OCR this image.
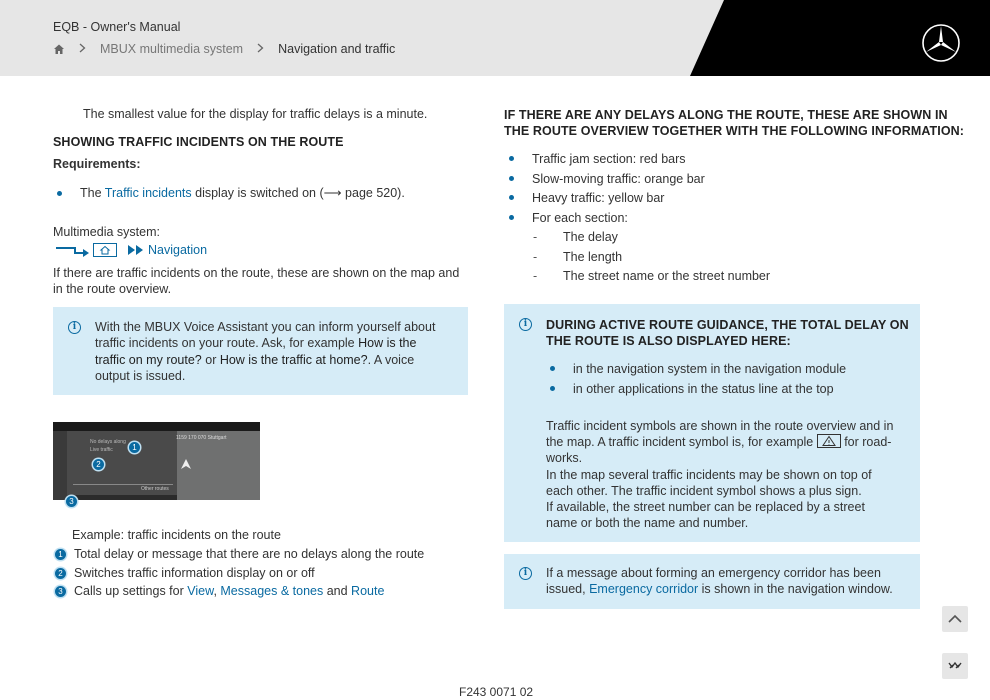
EQB - Owner's Manual
MBUX multimedia system	Navigation and traffic
The smallest value for the display for traffic delays is a minute.
SHOWING TRAFFIC INCIDENTS ON THE ROUTE
Requirements:
The Traffic incidents display is switched on (⟶ page 520).
Multimedia system:
Navigation
If there are traffic incidents on the route, these are shown on the map and in the route overview.
i	With the MBUX Voice Assistant you can inform yourself about traffic incidents on your route. Ask, for example How is the traffic on my route? or How is the traffic at home?. A voice output is issued.
1159 170 070 Stuttgart
No delays along
Live traffic
Other routes
1
2
3
Example: traffic incidents on the route
1 Total delay or message that there are no delays along the route
2 Switches traffic information display on or off
3 Calls up settings for View, Messages & tones and Route
IF THERE ARE ANY DELAYS ALONG THE ROUTE, THESE ARE SHOWN IN
THE ROUTE OVERVIEW TOGETHER WITH THE FOLLOWING INFORMATION:
Traffic jam section: red bars
Slow-moving traffic: orange bar
Heavy traffic: yellow bar
For each section:
-	The delay
-	The length
-	The street name or the street number
i	DURING ACTIVE ROUTE GUIDANCE, THE TOTAL DELAY ON
THE ROUTE IS ALSO DISPLAYED HERE:
in the navigation system in the navigation module
in other applications in the status line at the top
Traffic incident symbols are shown in the route overview and in the map. A traffic incident symbol is, for example
for road-works.
In the map several traffic incidents may be shown on top of each other. The traffic incident symbol shows a plus sign.
If available, the street number can be replaced by a street name or both the name and number.
i	If a message about forming an emergency corridor has been issued, Emergency corridor is shown in the navigation window.
F243 0071 02
